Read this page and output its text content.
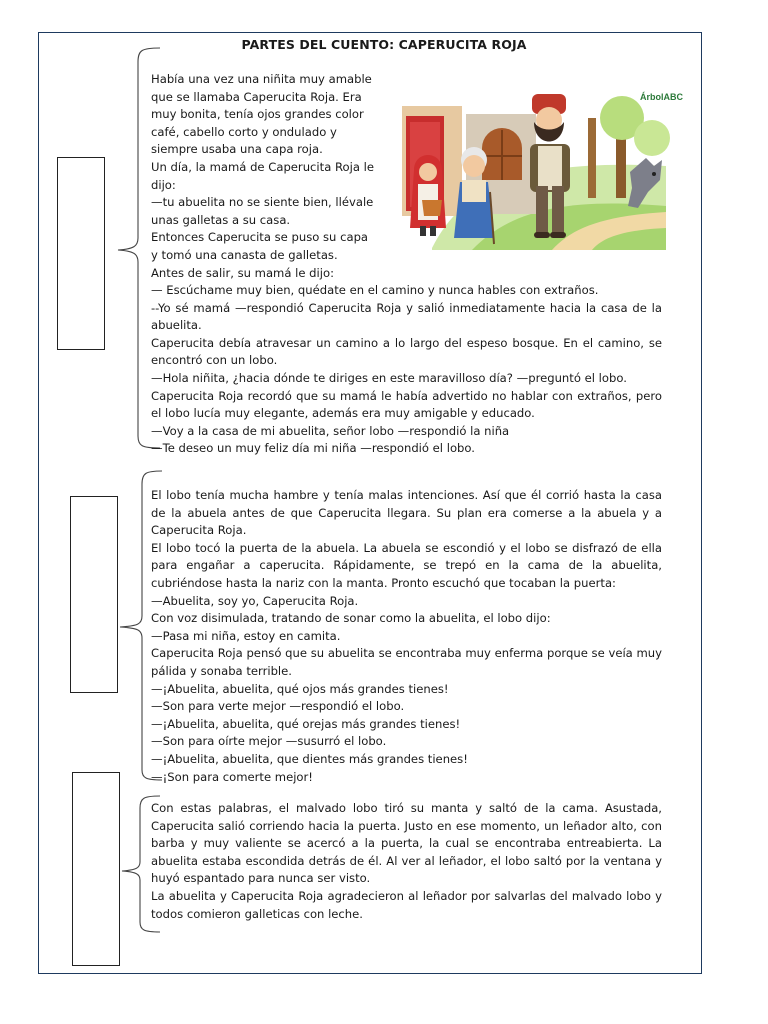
PARTES DEL CUENTO: CAPERUCITA ROJA
ÁrbolABC

Había una vez una niñita muy amable

que se llamaba Caperucita Roja. Era

muy bonita, tenía ojos grandes color

café, cabello corto y ondulado y

siempre usaba una capa roja.

Un día, la mamá de Caperucita Roja le

dijo:

—tu abuelita no se siente bien, llévale

unas galletas a su casa.

Entonces Caperucita se puso su capa

y tomó una canasta de galletas.

Antes de salir, su mamá le dijo:

— Escúchame muy bien, quédate en el camino y nunca hables con extraños.

--Yo sé mamá —respondió Caperucita Roja y salió inmediatamente hacia la casa de la abuelita.

Caperucita debía atravesar un camino a lo largo del espeso bosque. En el camino, se encontró con un lobo.

—Hola niñita, ¿hacia dónde te diriges en este maravilloso día? —preguntó el lobo.

Caperucita Roja recordó que su mamá le había advertido no hablar con extraños, pero el lobo lucía muy elegante, además era muy amigable y educado.

—Voy a la casa de mi abuelita, señor lobo —respondió la niña

—Te deseo un muy feliz día mi niña —respondió el lobo.

El lobo tenía mucha hambre y tenía malas intenciones. Así que él corrió hasta la casa de la abuela antes de que Caperucita llegara. Su plan era comerse a la abuela y a Caperucita Roja.

El lobo tocó la puerta de la abuela. La abuela se escondió y el lobo se disfrazó de ella para engañar a caperucita. Rápidamente, se trepó en la cama de la abuelita, cubriéndose hasta la nariz con la manta. Pronto escuchó que tocaban la puerta:

—Abuelita, soy yo, Caperucita Roja.

Con voz disimulada, tratando de sonar como la abuelita, el lobo dijo:

—Pasa mi niña, estoy en camita.

Caperucita Roja pensó que su abuelita se encontraba muy enferma porque se veía muy pálida y sonaba terrible.

—¡Abuelita, abuelita, qué ojos más grandes tienes!

—Son para verte mejor —respondió el lobo.

—¡Abuelita, abuelita, qué orejas más grandes tienes!

—Son para oírte mejor —susurró el lobo.

—¡Abuelita, abuelita, que dientes más grandes tienes!

—¡Son para comerte mejor!

Con estas palabras, el malvado lobo tiró su manta y saltó de la cama. Asustada, Caperucita salió corriendo hacia la puerta. Justo en ese momento, un leñador alto, con barba y muy valiente se acercó a la puerta, la cual se encontraba entreabierta. La abuelita estaba escondida detrás de él. Al ver al leñador, el lobo saltó por la ventana y huyó espantado para nunca ser visto.

La abuelita y Caperucita Roja agradecieron al leñador por salvarlas del malvado lobo y todos comieron galleticas con leche.
